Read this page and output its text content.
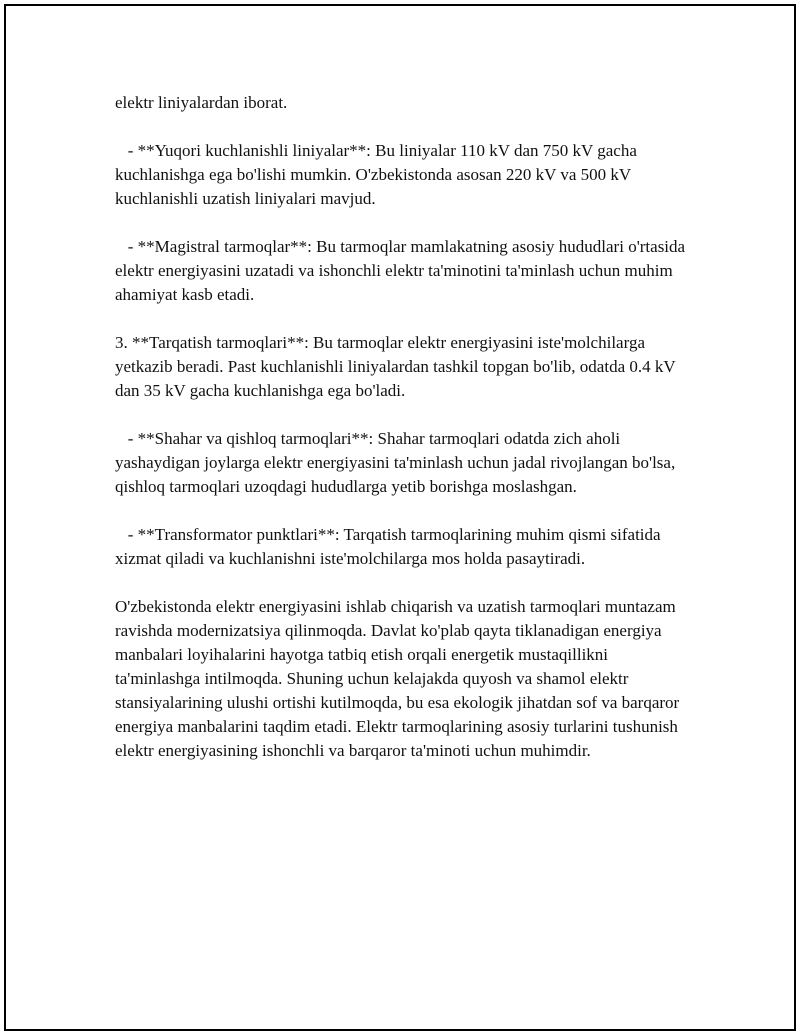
elektr liniyalardan iborat.

- **Yuqori kuchlanishli liniyalar**: Bu liniyalar 110 kV dan 750 kV gacha kuchlanishga ega bo'lishi mumkin. O'zbekistonda asosan 220 kV va 500 kV kuchlanishli uzatish liniyalari mavjud.

- **Magistral tarmoqlar**: Bu tarmoqlar mamlakatning asosiy hududlari o'rtasida elektr energiyasini uzatadi va ishonchli elektr ta'minotini ta'minlash uchun muhim ahamiyat kasb etadi.

3. **Tarqatish tarmoqlari**: Bu tarmoqlar elektr energiyasini iste'molchilarga yetkazib beradi. Past kuchlanishli liniyalardan tashkil topgan bo'lib, odatda 0.4 kV dan 35 kV gacha kuchlanishga ega bo'ladi.

- **Shahar va qishloq tarmoqlari**: Shahar tarmoqlari odatda zich aholi yashaydigan joylarga elektr energiyasini ta'minlash uchun jadal rivojlangan bo'lsa, qishloq tarmoqlari uzoqdagi hududlarga yetib borishga moslashgan.

- **Transformator punktlari**: Tarqatish tarmoqlarining muhim qismi sifatida xizmat qiladi va kuchlanishni iste'molchilarga mos holda pasaytiradi.

O'zbekistonda elektr energiyasini ishlab chiqarish va uzatish tarmoqlari muntazam ravishda modernizatsiya qilinmoqda. Davlat ko'plab qayta tiklanadigan energiya manbalari loyihalarini hayotga tatbiq etish orqali energetik mustaqillikni ta'minlashga intilmoqda. Shuning uchun kelajakda quyosh va shamol elektr stansiyalarining ulushi ortishi kutilmoqda, bu esa ekologik jihatdan sof va barqaror energiya manbalarini taqdim etadi. Elektr tarmoqlarining asosiy turlarini tushunish elektr energiyasining ishonchli va barqaror ta'minoti uchun muhimdir.
